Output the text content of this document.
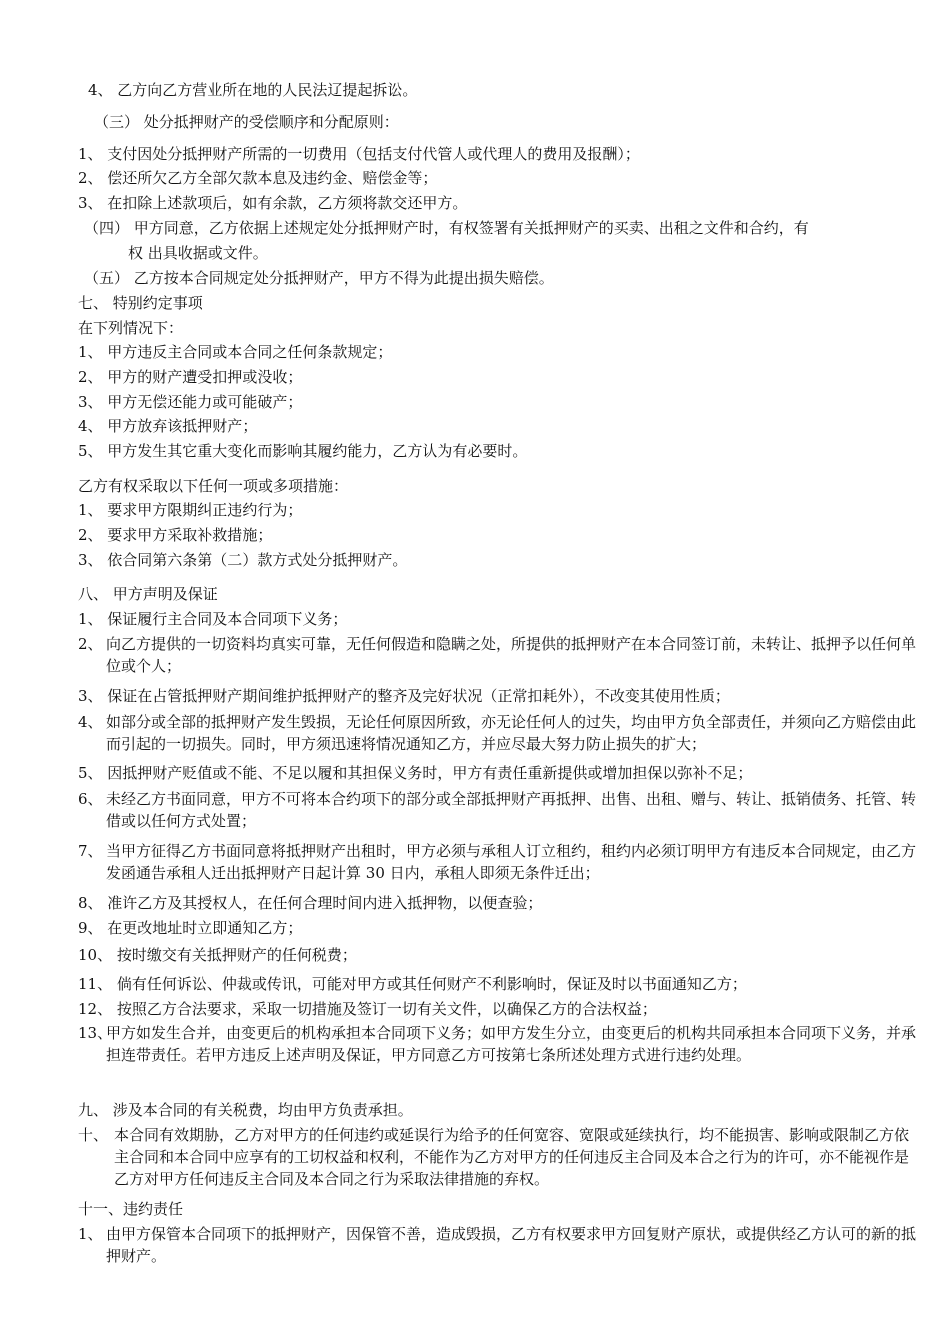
4、 乙方向乙方营业所在地的人民法辽提起拆讼。
（三） 处分抵押财产的受偿顺序和分配原则：
1、 支付因处分抵押财产所需的一切费用（包括支付代管人或代理人的费用及报酬）；
2、 偿还所欠乙方全部欠款本息及违约金、赔偿金等；
3、 在扣除上述款项后，如有余款，乙方须将款交还甲方。
（四） 甲方同意，乙方依据上述规定处分抵押财产时，有权签署有关抵押财产的买卖、出租之文件和合约，有
权 出具收据或文件。
（五） 乙方按本合同规定处分抵押财产，甲方不得为此提出损失赔偿。
七、 特别约定事项
在下列情况下：
1、 甲方违反主合同或本合同之任何条款规定；
2、 甲方的财产遭受扣押或没收；
3、 甲方无偿还能力或可能破产；
4、 甲方放弃该抵押财产；
5、 甲方发生其它重大变化而影响其履约能力，乙方认为有必要时。
乙方有权采取以下任何一项或多项措施：
1、 要求甲方限期纠正违约行为；
2、 要求甲方采取补救措施；
3、 依合同第六条第（二）款方式处分抵押财产。
八、 甲方声明及保证
1、 保证履行主合同及本合同项下义务；
2、 向乙方提供的一切资料均真实可靠，无任何假造和隐瞒之处，所提供的抵押财产在本合同签订前，未转让、抵押予以任何单位或个人；
3、 保证在占管抵押财产期间维护抵押财产的整齐及完好状况（正常扣耗外），不改变其使用性质；
4、 如部分或全部的抵押财产发生毁损，无论任何原因所致，亦无论任何人的过失，均由甲方负全部责任，并须向乙方赔偿由此而引起的一切损失。同时，甲方须迅速将情况通知乙方，并应尽最大努力防止损失的扩大；
5、 因抵押财产贬值或不能、不足以履和其担保义务时，甲方有责任重新提供或增加担保以弥补不足；
6、 未经乙方书面同意，甲方不可将本合约项下的部分或全部抵押财产再抵押、出售、出租、赠与、转让、抵销债务、托管、转借或以任何方式处置；
7、 当甲方征得乙方书面同意将抵押财产出租时，甲方必须与承租人订立租约，租约内必须订明甲方有违反本合同规定，由乙方发函通告承租人迁出抵押财产日起计算 30 日内，承租人即须无条件迁出；
8、 准许乙方及其授权人，在任何合理时间内进入抵押物，以便查验；
9、 在更改地址时立即通知乙方；
10、 按时缴交有关抵押财产的任何税费；
11、 倘有任何诉讼、仲裁或传讯，可能对甲方或其任何财产不利影响时，保证及时以书面通知乙方；
12、 按照乙方合法要求，采取一切措施及签订一切有关文件，以确保乙方的合法权益；
13、
甲方如发生合并，由变更后的机构承担本合同项下义务；如甲方发生分立，由变更后的机构共同承担本合同项下义务，并承担连带责任。若甲方违反上述声明及保证，甲方同意乙方可按第七条所述处理方式进行违约处理。
九、 涉及本合同的有关税费，均由甲方负责承担。
十、 本合同有效期胁，乙方对甲方的任何违约或延误行为给予的任何宽容、宽限或延续执行，均不能损害、影响或限制乙方依主合同和本合同中应享有的工切权益和权利，不能作为乙方对甲方的任何违反主合同及本合之行为的许可，亦不能视作是乙方对甲方任何违反主合同及本合同之行为采取法律措施的弃权。
十一、违约责任
1、 由甲方保管本合同项下的抵押财产，因保管不善，造成毁损，乙方有权要求甲方回复财产原状，或提供经乙方认可的新的抵押财产。
